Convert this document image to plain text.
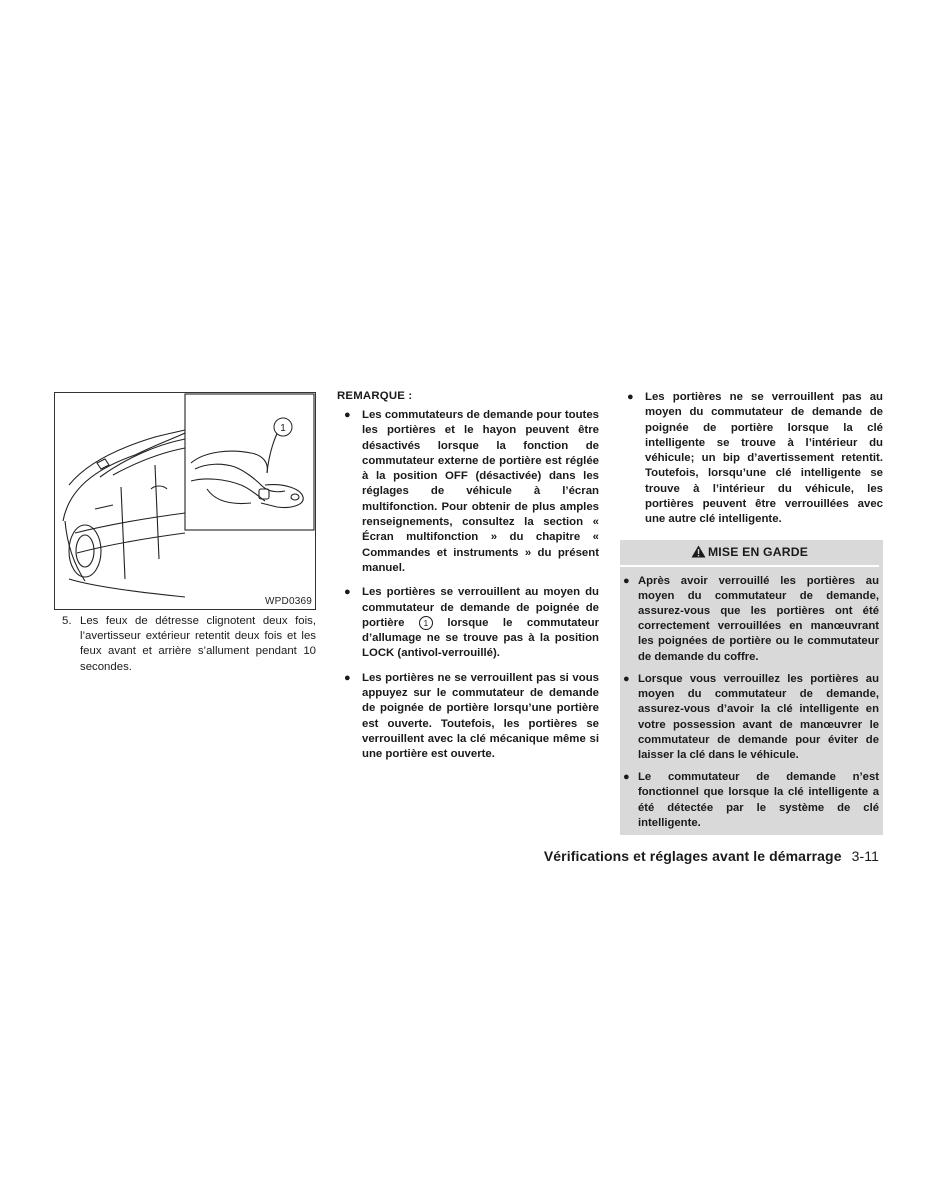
1
WPD0369
5. Les feux de détresse clignotent deux fois, l’avertisseur extérieur retentit deux fois et les feux avant et arrière s’allument pendant 10 secondes.
REMARQUE :
● Les commutateurs de demande pour toutes les portières et le hayon peuvent être désactivés lorsque la fonction de commutateur externe de portière est réglée à la position OFF (désactivée) dans les réglages de véhicule à l’écran multifonction. Pour obtenir de plus amples renseignements, consultez la section « Écran multifonction » du chapitre « Commandes et instruments » du présent manuel.
● Les portières se verrouillent au moyen du commutateur de demande de poignée de portière 1 lorsque le commutateur d’allumage ne se trouve pas à la position LOCK (antivol-verrouillé).
● Les portières ne se verrouillent pas si vous appuyez sur le commutateur de demande de poignée de portière lorsqu’une portière est ouverte. Toutefois, les portières se verrouillent avec la clé mécanique même si une portière est ouverte.
● Les portières ne se verrouillent pas au moyen du commutateur de demande de poignée de portière lorsque la clé intelligente se trouve à l’intérieur du véhicule; un bip d’avertissement retentit. Toutefois, lorsqu’une clé intelligente se trouve à l’intérieur du véhicule, les portières peuvent être verrouillées avec une autre clé intelligente.
MISE EN GARDE
● Après avoir verrouillé les portières au moyen du commutateur de demande, assurez-vous que les portières ont été correctement verrouillées en manœuvrant les poignées de portière ou le commutateur de demande du coffre.
● Lorsque vous verrouillez les portières au moyen du commutateur de demande, assurez-vous d’avoir la clé intelligente en votre possession avant de manœuvrer le commutateur de demande pour éviter de laisser la clé dans le véhicule.
● Le commutateur de demande n’est fonctionnel que lorsque la clé intelligente a été détectée par le système de clé intelligente.
Vérifications et réglages avant le démarrage 3-11
